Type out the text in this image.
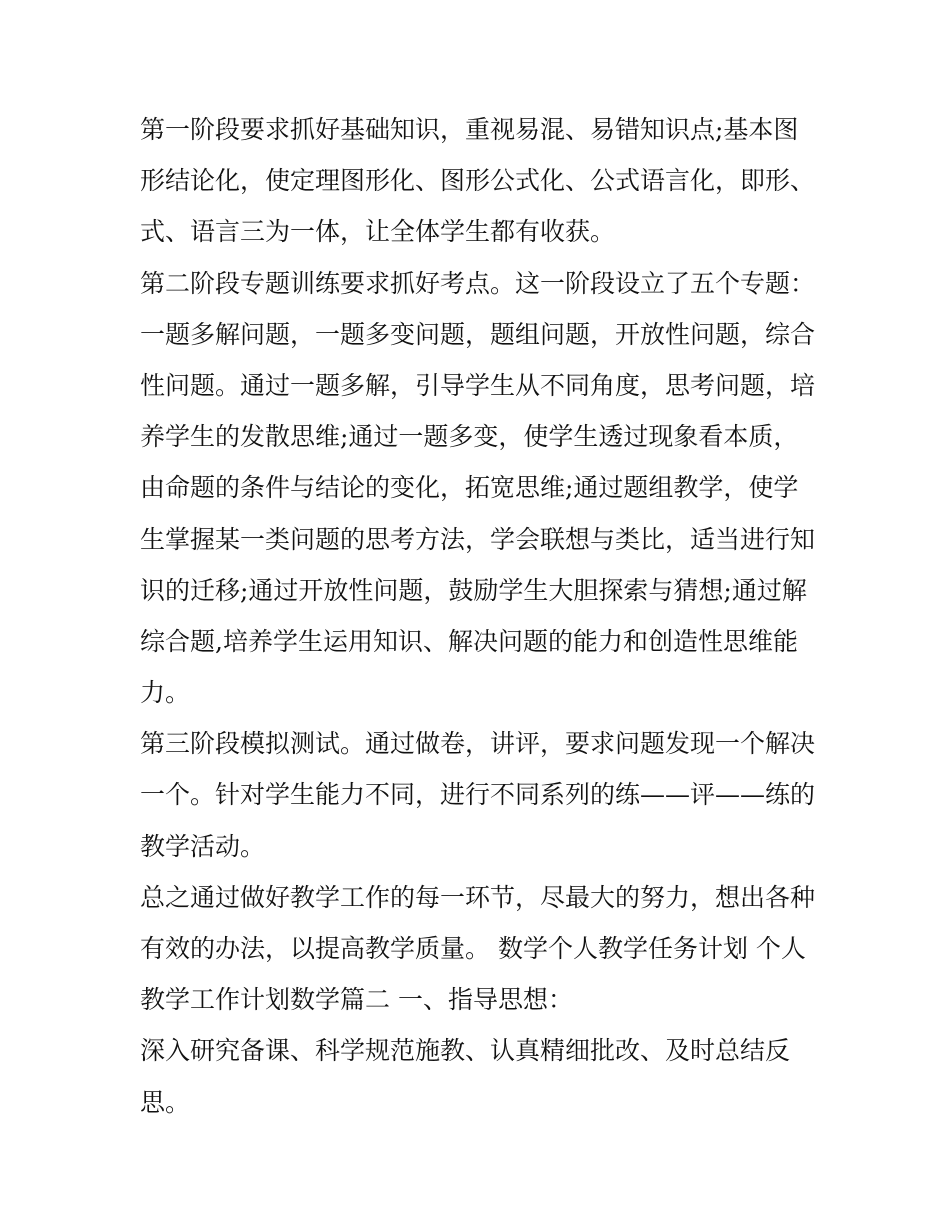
第一阶段要求抓好基础知识，重视易混、易错知识点;基本图
形结论化，使定理图形化、图形公式化、公式语言化，即形、
式、语言三为一体，让全体学生都有收获。
第二阶段专题训练要求抓好考点。这一阶段设立了五个专题：
一题多解问题，一题多变问题，题组问题，开放性问题，综合
性问题。通过一题多解，引导学生从不同角度，思考问题，培
养学生的发散思维;通过一题多变，使学生透过现象看本质，
由命题的条件与结论的变化，拓宽思维;通过题组教学，使学
生掌握某一类问题的思考方法，学会联想与类比，适当进行知
识的迁移;通过开放性问题，鼓励学生大胆探索与猜想;通过解
综合题,培养学生运用知识、解决问题的能力和创造性思维能
力。
第三阶段模拟测试。通过做卷，讲评，要求问题发现一个解决
一个。针对学生能力不同，进行不同系列的练——评——练的
教学活动。
总之通过做好教学工作的每一环节，尽最大的努力，想出各种
有效的办法，以提高教学质量。 数学个人教学任务计划 个人
教学工作计划数学篇二 一、指导思想：
深入研究备课、科学规范施教、认真精细批改、及时总结反
思。
